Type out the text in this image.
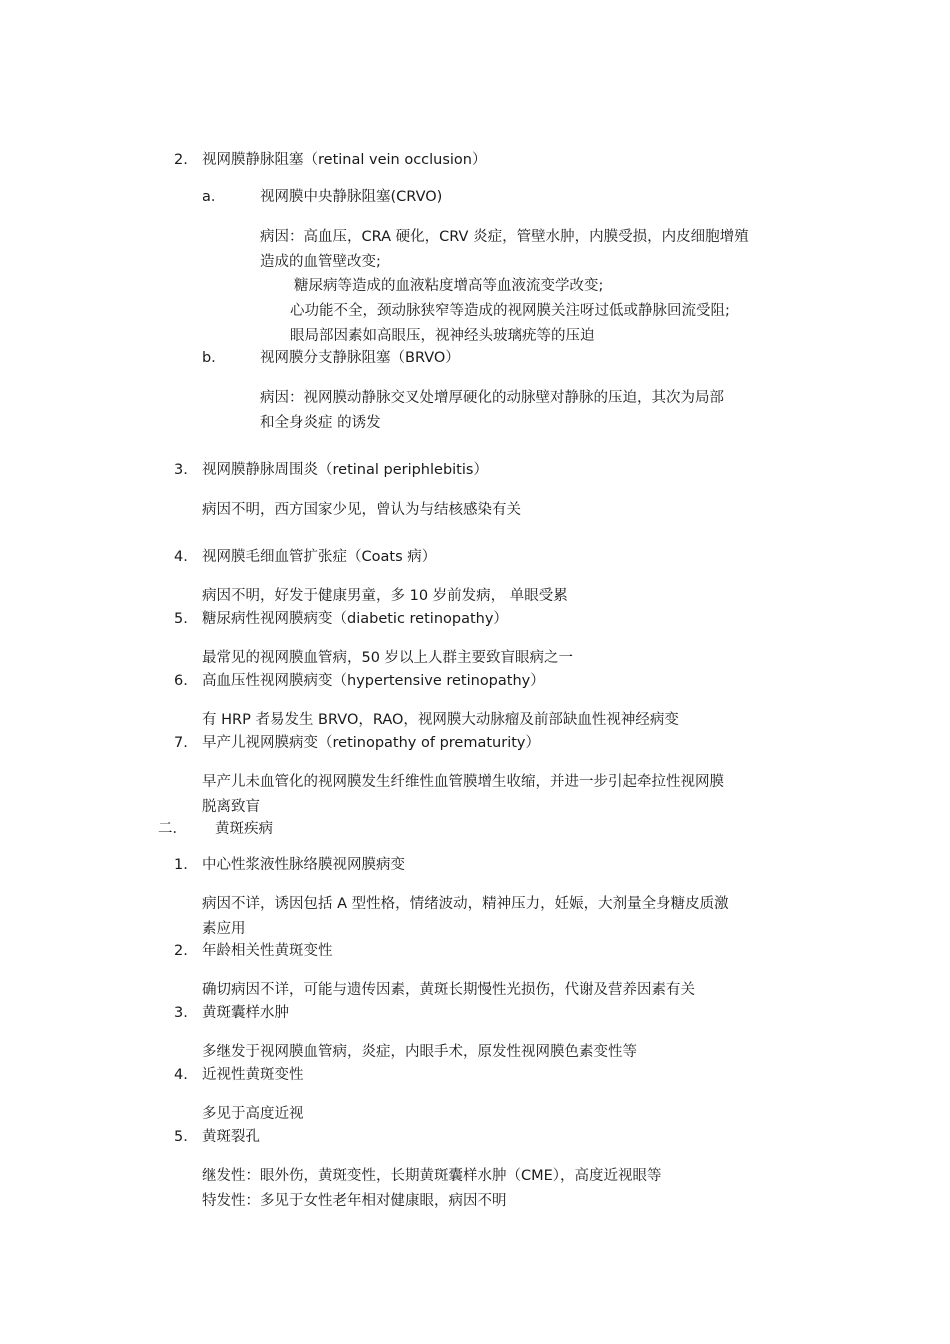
2. 视网膜静脉阻塞（retinal vein occlusion）
a． 视网膜中央静脉阻塞(CRVO)
病因：高血压，CRA 硬化，CRV 炎症，管壁水肿，内膜受损，内皮细胞增殖
造成的血管壁改变;
糖尿病等造成的血液粘度增高等血液流变学改变;
心功能不全，颈动脉狭窄等造成的视网膜关注呀过低或静脉回流受阻;
眼局部因素如高眼压，视神经头玻璃疣等的压迫
b． 视网膜分支静脉阻塞（BRVO）
病因：视网膜动静脉交叉处增厚硬化的动脉壁对静脉的压迫，其次为局部
和全身炎症 的诱发
3. 视网膜静脉周围炎（retinal periphlebitis）
病因不明，西方国家少见，曾认为与结核感染有关
4. 视网膜毛细血管扩张症（Coats 病）
病因不明，好发于健康男童，多 10 岁前发病， 单眼受累
5. 糖尿病性视网膜病变（diabetic retinopathy）
最常见的视网膜血管病，50 岁以上人群主要致盲眼病之一
6. 高血压性视网膜病变（hypertensive retinopathy）
有 HRP 者易发生 BRVO，RAO，视网膜大动脉瘤及前部缺血性视神经病变
7. 早产儿视网膜病变（retinopathy of prematurity）
早产儿未血管化的视网膜发生纤维性血管膜增生收缩，并进一步引起牵拉性视网膜
脱离致盲
二． 黄斑疾病
1. 中心性浆液性脉络膜视网膜病变
病因不详，诱因包括 A 型性格，情绪波动，精神压力，妊娠，大剂量全身糖皮质激
素应用
2. 年龄相关性黄斑变性
确切病因不详，可能与遗传因素，黄斑长期慢性光损伤，代谢及营养因素有关
3. 黄斑囊样水肿
多继发于视网膜血管病，炎症，内眼手术，原发性视网膜色素变性等
4. 近视性黄斑变性
多见于高度近视
5. 黄斑裂孔
继发性：眼外伤，黄斑变性，长期黄斑囊样水肿（CME），高度近视眼等
特发性：多见于女性老年相对健康眼，病因不明
